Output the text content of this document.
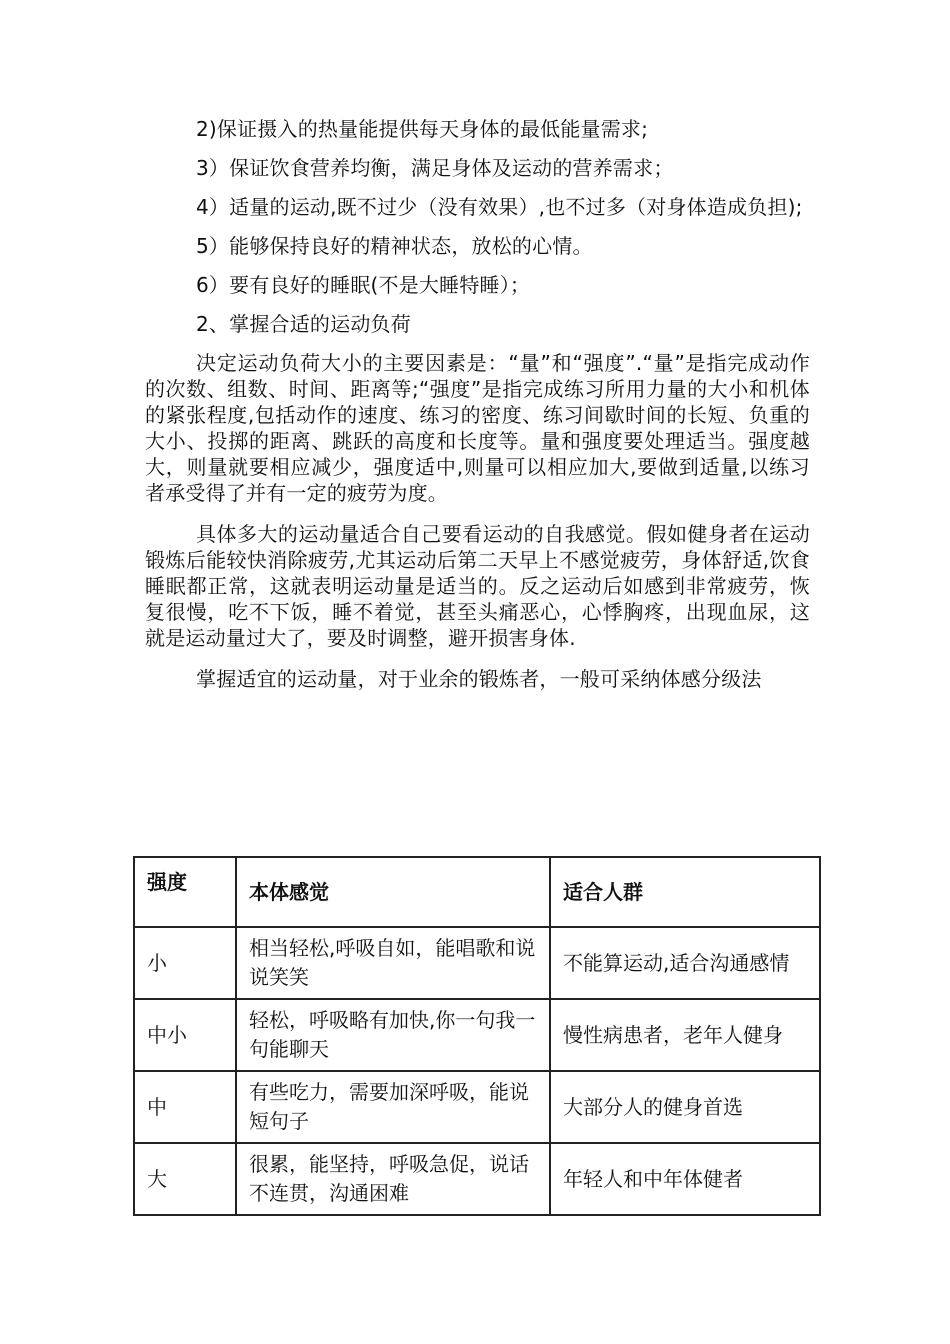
2)保证摄入的热量能提供每天身体的最低能量需求;

3）保证饮食营养均衡，满足身体及运动的营养需求；

4）适量的运动,既不过少（没有效果）,也不过多（对身体造成负担);

5）能够保持良好的精神状态，放松的心情。

6）要有良好的睡眠(不是大睡特睡）；

2、掌握合适的运动负荷

决定运动负荷大小的主要因素是：“量”和“强度”.“量”是指完成动作的次数、组数、时间、距离等;“强度”是指完成练习所用力量的大小和机体的紧张程度,包括动作的速度、练习的密度、练习间歇时间的长短、负重的大小、投掷的距离、跳跃的高度和长度等。量和强度要处理适当。强度越大，则量就要相应减少，强度适中,则量可以相应加大,要做到适量,以练习者承受得了并有一定的疲劳为度。

具体多大的运动量适合自己要看运动的自我感觉。假如健身者在运动锻炼后能较快消除疲劳,尤其运动后第二天早上不感觉疲劳，身体舒适,饮食睡眠都正常，这就表明运动量是适当的。反之运动后如感到非常疲劳，恢复很慢，吃不下饭，睡不着觉，甚至头痛恶心，心悸胸疼，出现血尿，这就是运动量过大了，要及时调整，避开损害身体.

掌握适宜的运动量，对于业余的锻炼者，一般可采纳体感分级法

强度	本体感觉	适合人群
小	相当轻松,呼吸自如，能唱歌和说说笑笑	不能算运动,适合沟通感情
中小	轻松，呼吸略有加快,你一句我一句能聊天	慢性病患者，老年人健身
中	有些吃力，需要加深呼吸，能说短句子	大部分人的健身首选
大	很累，能坚持，呼吸急促，说话不连贯，沟通困难	年轻人和中年体健者
